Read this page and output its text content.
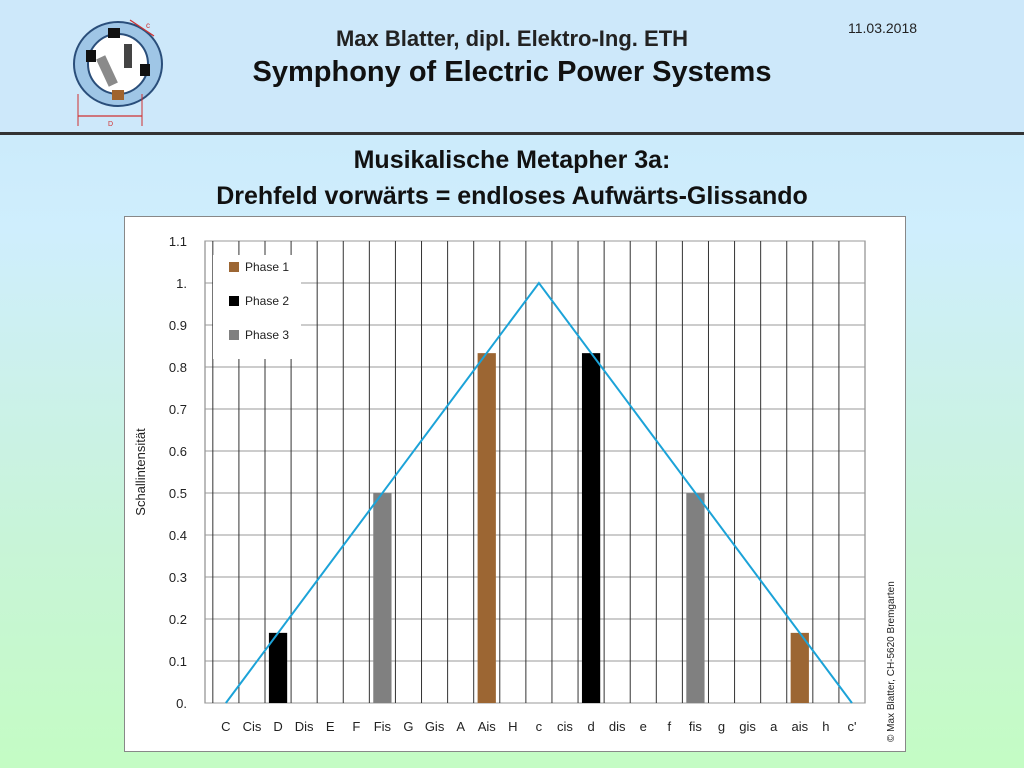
c
D
Max Blatter, dipl. Elektro-Ing. ETH
Symphony of Electric Power Systems
11.03.2018
Musikalische Metapher 3a:
Drehfeld vorwärts = endloses Aufwärts-Glissando
0.
0.1
0.2
0.3
0.4
0.5
0.6
0.7
0.8
0.9
1.
1.1
C Cis D Dis E F Fis G Gis A Ais H c cis d dis e f fis g gis a ais h c'
Phase 1
Phase 2
Phase 3
Schallintensität
© Max Blatter, CH-5620 Bremgarten
